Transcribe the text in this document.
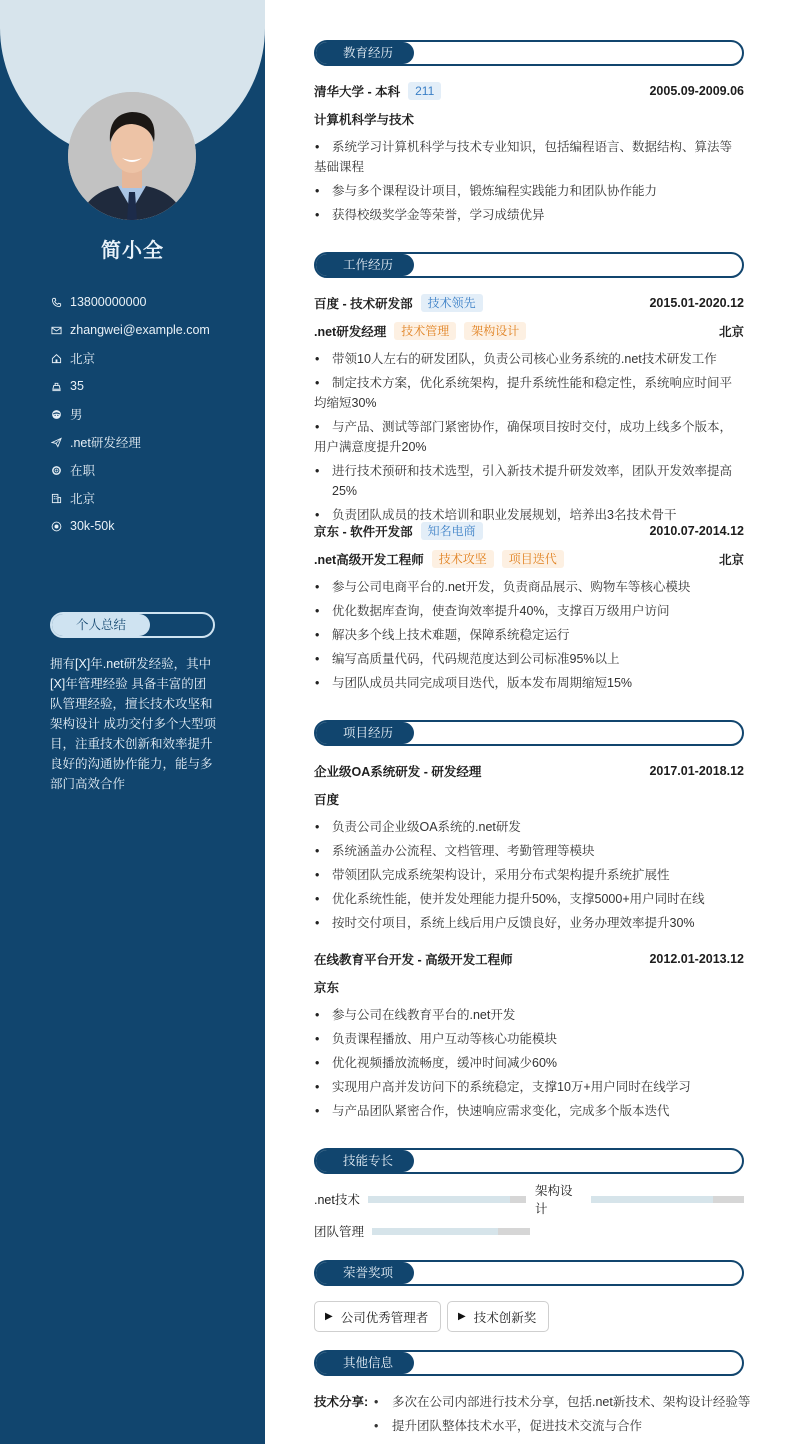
简小全
13800000000
zhangwei@example.com
北京
35
男
.net研发经理
在职
北京
30k-50k
个人总结

拥有[X]年.net研发经验，其中[X]年管理经验 具备丰富的团队管理经验，擅长技术攻坚和架构设计 成功交付多个大型项目，注重技术创新和效率提升 良好的沟通协作能力，能与多部门高效合作

教育经历
清华大学 - 本科	211	2005.09-2009.06
计算机科学与技术
• 系统学习计算机科学与技术专业知识，包括编程语言、数据结构、算法等基础课程
• 参与多个课程设计项目，锻炼编程实践能力和团队协作能力
• 获得校级奖学金等荣誉，学习成绩优异
工作经历
百度 - 技术研发部	技术领先	2015.01-2020.12
.net研发经理	技术管理	架构设计	北京
• 带领10人左右的研发团队，负责公司核心业务系统的.net技术研发工作
• 制定技术方案，优化系统架构，提升系统性能和稳定性，系统响应时间平均缩短30%
• 与产品、测试等部门紧密协作，确保项目按时交付，成功上线多个版本，用户满意度提升20%
• 进行技术预研和技术选型，引入新技术提升研发效率，团队开发效率提高25%
• 负责团队成员的技术培训和职业发展规划，培养出3名技术骨干
京东 - 软件开发部	知名电商	2010.07-2014.12
.net高级开发工程师	技术攻坚	项目迭代	北京
• 参与公司电商平台的.net开发，负责商品展示、购物车等核心模块
• 优化数据库查询，使查询效率提升40%，支撑百万级用户访问
• 解决多个线上技术难题，保障系统稳定运行
• 编写高质量代码，代码规范度达到公司标准95%以上
• 与团队成员共同完成项目迭代，版本发布周期缩短15%
项目经历
企业级OA系统研发 - 研发经理	2017.01-2018.12
百度
• 负责公司企业级OA系统的.net研发
• 系统涵盖办公流程、文档管理、考勤管理等模块
• 带领团队完成系统架构设计，采用分布式架构提升系统扩展性
• 优化系统性能，使并发处理能力提升50%，支撑5000+用户同时在线
• 按时交付项目，系统上线后用户反馈良好，业务办理效率提升30%
在线教育平台开发 - 高级开发工程师	2012.01-2013.12
京东
• 参与公司在线教育平台的.net开发
• 负责课程播放、用户互动等核心功能模块
• 优化视频播放流畅度，缓冲时间减少60%
• 实现用户高并发访问下的系统稳定，支撑10万+用户同时在线学习
• 与产品团队紧密合作，快速响应需求变化，完成多个版本迭代
技能专长
.net技术
架构设计
团队管理
荣誉奖项
▶ 公司优秀管理者	▶ 技术创新奖
其他信息
技术分享:	• 多次在公司内部进行技术分享，包括.net新技术、架构设计经验等
• 提升团队整体技术水平，促进技术交流与合作
